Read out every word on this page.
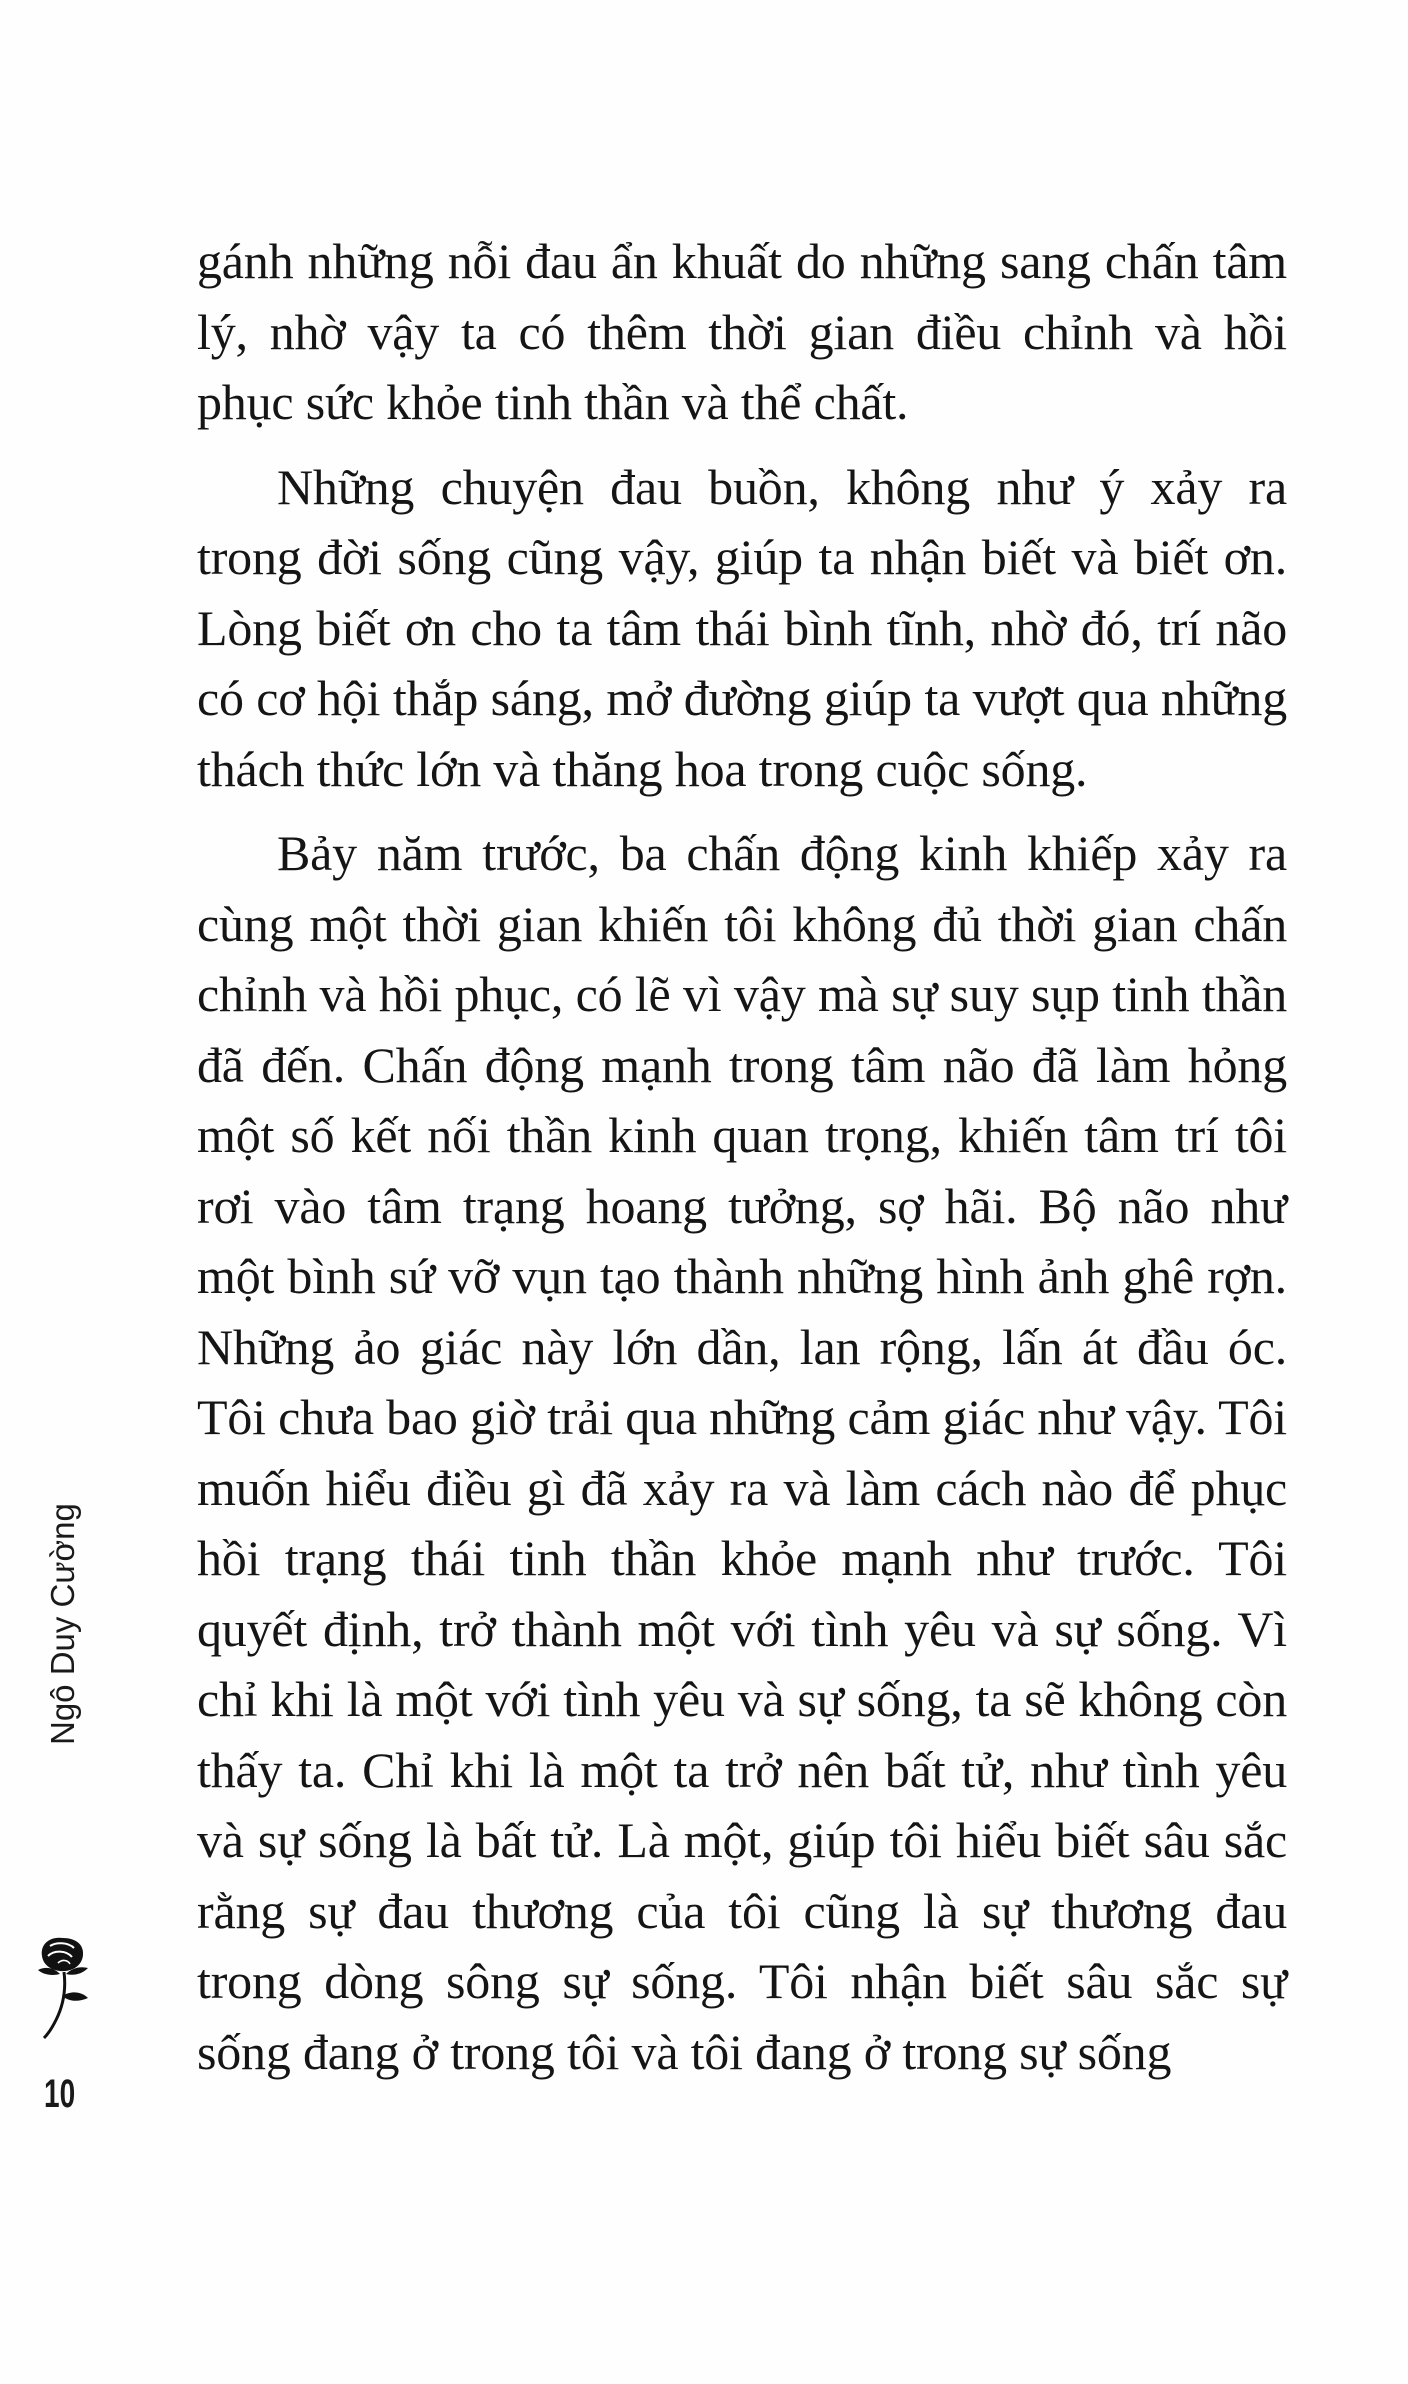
gánh những nỗi đau ẩn khuất do những sang chấn tâm lý, nhờ vậy ta có thêm thời gian điều chỉnh và hồi phục sức khỏe tinh thần và thể chất.

Những chuyện đau buồn, không như ý xảy ra trong đời sống cũng vậy, giúp ta nhận biết và biết ơn. Lòng biết ơn cho ta tâm thái bình tĩnh, nhờ đó, trí não có cơ hội thắp sáng, mở đường giúp ta vượt qua những thách thức lớn và thăng hoa trong cuộc sống.

Bảy năm trước, ba chấn động kinh khiếp xảy ra cùng một thời gian khiến tôi không đủ thời gian chấn chỉnh và hồi phục, có lẽ vì vậy mà sự suy sụp tinh thần đã đến. Chấn động mạnh trong tâm não đã làm hỏng một số kết nối thần kinh quan trọng, khiến tâm trí tôi rơi vào tâm trạng hoang tưởng, sợ hãi. Bộ não như một bình sứ vỡ vụn tạo thành những hình ảnh ghê rợn. Những ảo giác này lớn dần, lan rộng, lấn át đầu óc. Tôi chưa bao giờ trải qua những cảm giác như vậy. Tôi muốn hiểu điều gì đã xảy ra và làm cách nào để phục hồi trạng thái tinh thần khỏe mạnh như trước. Tôi quyết định, trở thành một với tình yêu và sự sống. Vì chỉ khi là một với tình yêu và sự sống, ta sẽ không còn thấy ta. Chỉ khi là một ta trở nên bất tử, như tình yêu và sự sống là bất tử. Là một, giúp tôi hiểu biết sâu sắc rằng sự đau thương của tôi cũng là sự thương đau trong dòng sông sự sống. Tôi nhận biết sâu sắc sự sống đang ở trong tôi và tôi đang ở trong sự sống

Ngô Duy Cường
10
